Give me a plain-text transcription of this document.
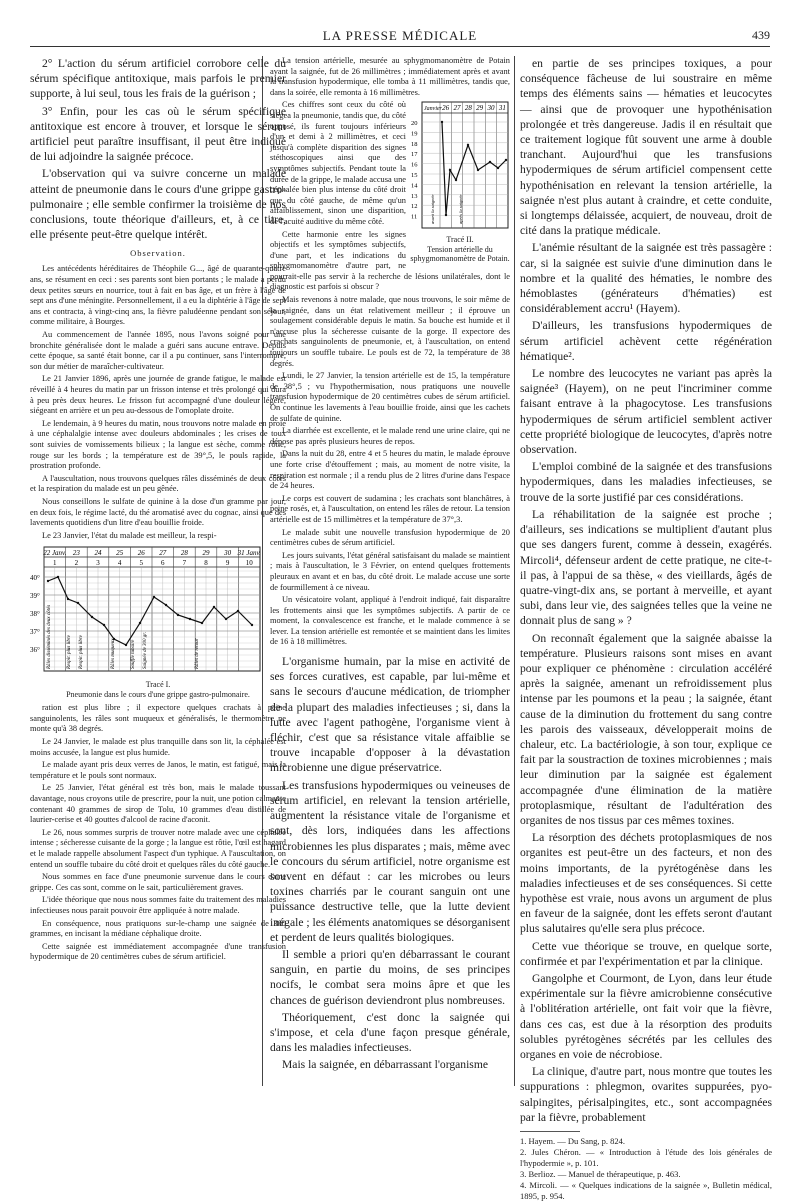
LA PRESSE MÉDICALE	439

2° L'action du sérum artificiel corrobore celle du sérum spécifique antitoxique, mais parfois le premier supporte, à lui seul, tous les frais de la guérison ;

3° Enfin, pour les cas où le sérum spécifique antitoxique est encore à trouver, et lorsque le sérum artificiel peut paraître insuffisant, il peut être indiqué de lui adjoindre la saignée précoce.

L'observation qui va suivre concerne un malade atteint de pneumonie dans le cours d'une grippe gastro-pulmonaire ; elle semble confirmer la troisième de nos conclusions, toute théorique d'ailleurs, et, à ce titre, elle présente peut-être quelque intérêt.

Observation.

Les antécédents héréditaires de Théophile G..., âgé de quarante-quatre ans, se résument en ceci : ses parents sont bien portants ; le malade a perdu deux petites sœurs en nourrice, tout à fait en bas âge, et un frère à l'âge de sept ans d'une méningite. Personnellement, il a eu la diphtérie à l'âge de sept ans et contracta, à vingt-cinq ans, la fièvre paludéenne pendant son séjour, comme militaire, à Bourges.

Au commencement de l'année 1895, nous l'avons soigné pour une bronchite généralisée dont le malade a guéri sans aucune entrave. Depuis cette époque, sa santé était bonne, car il a pu continuer, sans l'interrompre, son dur métier de maraîcher-cultivateur.

Le 21 Janvier 1896, après une journée de grande fatigue, le malade est réveillé à 4 heures du matin par un frisson intense et très prolongé qui dura à peu près deux heures. Le frisson fut accompagné d'une douleur légère, siégeant en arrière et un peu au-dessous de l'omoplate droite.

Le lendemain, à 9 heures du matin, nous trouvons notre malade en proie à une céphalalgie intense avec douleurs abdominales ; les crises de toux sont suivies de vomissements bilieux ; la langue est sèche, comme rôtie, rouge sur les bords ; la température est de 39°,5, le pouls rapide, la prostration profonde.

A l'auscultation, nous trouvons quelques râles disséminés de deux côtés et la respiration du malade est un peu gênée.

Nous conseillons le sulfate de quinine à la dose d'un gramme par jour, en deux fois, le régime lacté, du thé aromatisé avec du cognac, ainsi que des lavements quotidiens d'un litre d'eau bouillie froide.

Le 23 Janvier, l'état du malade est meilleur, la respi-

22 Janv.
1
23
2
24
3
25
4
26
5
27
6
28
7
29
8
30
9
31 Janv.
10
40°
39°
38°
37°
36° Râles disséminés des deux côtés	Respir. plus libre Respir. plus libre	Râles muqueux	Souffle tubaire Saignée de 300 gr.	Râles de retour
Tracé I.
Pneumonie dans le cours d'une grippe gastro-pulmonaire.

ration est plus libre ; il expectore quelques crachats à peine sanguinolents, les râles sont muqueux et généralisés, le thermomètre ne monte qu'à 38 degrés.

Le 24 Janvier, le malade est plus tranquille dans son lit, la céphalée est moins accusée, la langue est plus humide.

Le malade ayant pris deux verres de Janos, le matin, est fatigué, mais la température et le pouls sont normaux.

Le 25 Janvier, l'état général est très bon, mais le malade toussant davantage, nous croyons utile de prescrire, pour la nuit, une potion calmante contenant 40 grammes de sirop de Tolu, 10 grammes d'eau distillée de laurier-cerise et 40 gouttes d'alcool de racine d'aconit.

Le 26, nous sommes surpris de trouver notre malade avec une céphalée intense ; sécheresse cuisante de la gorge ; la langue est rôtie, l'œil est hagard et le malade rappelle absolument l'aspect d'un typhique. A l'auscultation, on entend un souffle tubaire du côté droit et quelques râles du côté gauche.

Nous sommes en face d'une pneumonie survenue dans le cours d'une grippe. Ces cas sont, comme on le sait, particulièrement graves.

L'idée théorique que nous nous sommes faite du traitement des maladies infectieuses nous parait pouvoir être appliquée à notre malade.

En conséquence, nous pratiquons sur-le-champ une saignée de 300 grammes, en incisant la médiane céphalique droite.

Cette saignée est immédiatement accompagnée d'une transfusion hypodermique de 20 centimètres cubes de sérum artificiel.

La tension artérielle, mesurée au sphygmomanomètre de Potain avant la saignée, fut de 26 millimètres ; immédiatement après et avant la transfusion hypodermique, elle tomba à 11 millimètres, tandis que, dans la soirée, elle remonta à 16 millimètres.

Janvier 26 27 28 29 30 31
20
19
18
17
16
15
14
13
12
11	avant la saignée	après la saignée
Tracé II.
Tension artérielle du sphygmomanomètre de Potain.

Ces chiffres sont ceux du côté où siégea la pneumonie, tandis que, du côté opposé, ils furent toujours inférieurs d'un et demi à 2 millimètres, et ceci jusqu'à complète disparition des signes stéthoscopiques ainsi que des symptômes subjectifs. Pendant toute la durée de la grippe, le malade accusa une céphalée bien plus intense du côté droit que du côté gauche, de même qu'un affaiblissement, sinon une disparition, de l'acuité auditive du même côté.

Cette harmonie entre les signes objectifs et les symptômes subjectifs, d'une part, et les indications du sphygmomanomètre d'autre part, ne pourrait-elle pas servir à la recherche de lésions unilatérales, dont le diagnostic est parfois si obscur ?

Mais revenons à notre malade, que nous trouvons, le soir même de la saignée, dans un état relativement meilleur ; il éprouve un soulagement considérable depuis le matin. Sa bouche est humide et il n'accuse plus la sécheresse cuisante de la gorge. Il expectore des crachats sanguinolents de pneumonie, et, à l'auscultation, on entend toujours un souffle tubaire. Le pouls est de 72, la température de 38 degrés.

Lundi, le 27 Janvier, la tension artérielle est de 15, la température de 38°,5 ; vu l'hypothermisation, nous pratiquons une nouvelle transfusion hypodermique de 20 centimètres cubes de sérum artificiel. On continue les lavements à l'eau bouillie froide, ainsi que les cachets de sulfate de quinine.

La diarrhée est excellente, et le malade rend une urine claire, qui ne dépose pas après plusieurs heures de repos.

Dans la nuit du 28, entre 4 et 5 heures du matin, le malade éprouve une forte crise d'étouffement ; mais, au moment de notre visite, la respiration est normale ; il a rendu plus de 2 litres d'urine dans l'espace de 24 heures.

Le corps est couvert de sudamina ; les crachats sont blanchâtres, à peine rosés, et, à l'auscultation, on entend les râles de retour. La tension artérielle est de 15 millimètres et la température de 37°,3.

Le malade subit une nouvelle transfusion hypodermique de 20 centimètres cubes de sérum artificiel.

Les jours suivants, l'état général satisfaisant du malade se maintient ; mais à l'auscultation, le 3 Février, on entend quelques frottements pleuraux en avant et en bas, du côté droit. Le malade accuse une sorte de fourmillement à ce niveau.

Un vésicatoire volant, appliqué à l'endroit indiqué, fait disparaître les frottements ainsi que les symptômes subjectifs. A partir de ce moment, la convalescence est franche, et le malade commence à se lever. La tension artérielle est remontée et se maintient dans les limites de 16 à 18 millimètres.

L'organisme humain, par la mise en activité de ses forces curatives, est capable, par lui-même et sans le secours d'aucune médication, de triompher de la plupart des maladies infectieuses ; si, dans la lutte avec l'agent pathogène, l'organisme vient à fléchir, c'est que sa résistance vitale affaiblie se trouve incapable d'opposer à la dévastation microbienne une digue préservatrice.

Les transfusions hypodermiques ou veineuses de sérum artificiel, en relevant la tension artérielle, augmentent la résistance vitale de l'organisme et sont, dès lors, indiquées dans les affections microbiennes les plus disparates ; mais, même avec le concours du sérum artificiel, notre organisme est souvent en défaut : car les microbes ou leurs toxines charriés par le courant sanguin ont une puissance destructive telle, que la lutte devient inégale ; les éléments anatomiques se désorganisent et perdent de leurs qualités biologiques.

Il semble a priori qu'en débarrassant le courant sanguin, en partie du moins, de ses principes nocifs, le combat sera moins âpre et que les chances de guérison deviendront plus nombreuses.

Théoriquement, c'est donc la saignée qui s'impose, et cela d'une façon presque générale, dans les maladies infectieuses.

Mais la saignée, en débarrassant l'organisme

en partie de ses principes toxiques, a pour conséquence fâcheuse de lui soustraire en même temps des éléments sains — hématies et leucocytes — ainsi que de provoquer une hypothénisation prolongée et très dangereuse. Jadis il en résultait que ce traitement logique fût souvent une arme à double tranchant. Aujourd'hui que les transfusions hypodermiques de sérum artificiel compensent cette hypothénisation en relevant la tension artérielle, la saignée n'est plus autant à craindre, et cette conduite, si longtemps délaissée, acquiert, de nouveau, droit de cité dans la pratique médicale.

L'anémie résultant de la saignée est très passagère : car, si la saignée est suivie d'une diminution dans le nombre et la qualité des hématies, le nombre des hémoblastes (générateurs d'hématies) est considérablement accru¹ (Hayem).

D'ailleurs, les transfusions hypodermiques de sérum artificiel achèvent cette régénération hématique².

Le nombre des leucocytes ne variant pas après la saignée³ (Hayem), on ne peut l'incriminer comme faisant entrave à la phagocytose. Les transfusions hypodermiques de sérum artificiel semblent activer cette propriété biologique de leucocytes, d'après notre observation.

L'emploi combiné de la saignée et des transfusions hypodermiques, dans les maladies infectieuses, se trouve de la sorte justifié par ces considérations.

La réhabilitation de la saignée est proche ; d'ailleurs, ses indications se multiplient d'autant plus que ses dangers furent, comme à dessein, exagérés. Mircoli⁴, défenseur ardent de cette pratique, ne cite-t-il pas, à l'appui de sa thèse, « des vieillards, âgés de quatre-vingt-dix ans, se portant à merveille, et ayant subi, dans leur vie, des saignées telles que la veine ne donnait plus de sang » ?

On reconnaît également que la saignée abaisse la température. Plusieurs raisons sont mises en avant pour expliquer ce phénomène : circulation accéléré après la saignée, amenant un refroidissement plus intense par les poumons et la peau ; la saignée, étant cause de la diminution du frottement du sang contre les parois des vaisseaux, développerait moins de chaleur, etc. La bactériologie, à son tour, explique ce fait par la soustraction de toxines microbiennes ; mais leur diminution par la saignée est également accompagnée d'une élimination de la matière protoplasmique, résultant de l'adultération des organites de nos tissus par ces mêmes toxines.

La résorption des déchets protoplasmiques de nos organites est peut-être un des facteurs, et non des moins importants, de la pyrétogénèse dans les maladies infectieuses et de ses conséquences. Si cette hypothèse est vraie, nous avons un argument de plus en faveur de la saignée, dont les effets seront d'autant plus salutaires qu'elle sera plus précoce.

Cette vue théorique se trouve, en quelque sorte, confirmée et par l'expérimentation et par la clinique.

Gangolphe et Courmont, de Lyon, dans leur étude expérimentale sur la fièvre amicrobienne consécutive à l'oblitération artérielle, ont fait voir que la fièvre, dans ces cas, est due à la résorption des produits solubles pyrétogènes sécrétés par les cellules des organes en voie de nécrobiose.

La clinique, d'autre part, nous montre que toutes les suppurations : phlegmon, ovarites suppurées, pyo-salpingites, périsalpingites, etc., sont accompagnées par la fièvre, probablement

1. Hayem. — Du Sang, p. 824.

2. Jules Chéron. — « Introduction à l'étude des lois générales de l'hypodermie », p. 101.

3. Berlioz. — Manuel de thérapeutique, p. 463.

4. Mircoli. — « Quelques indications de la saignée », Bulletin médical, 1895, p. 954.
